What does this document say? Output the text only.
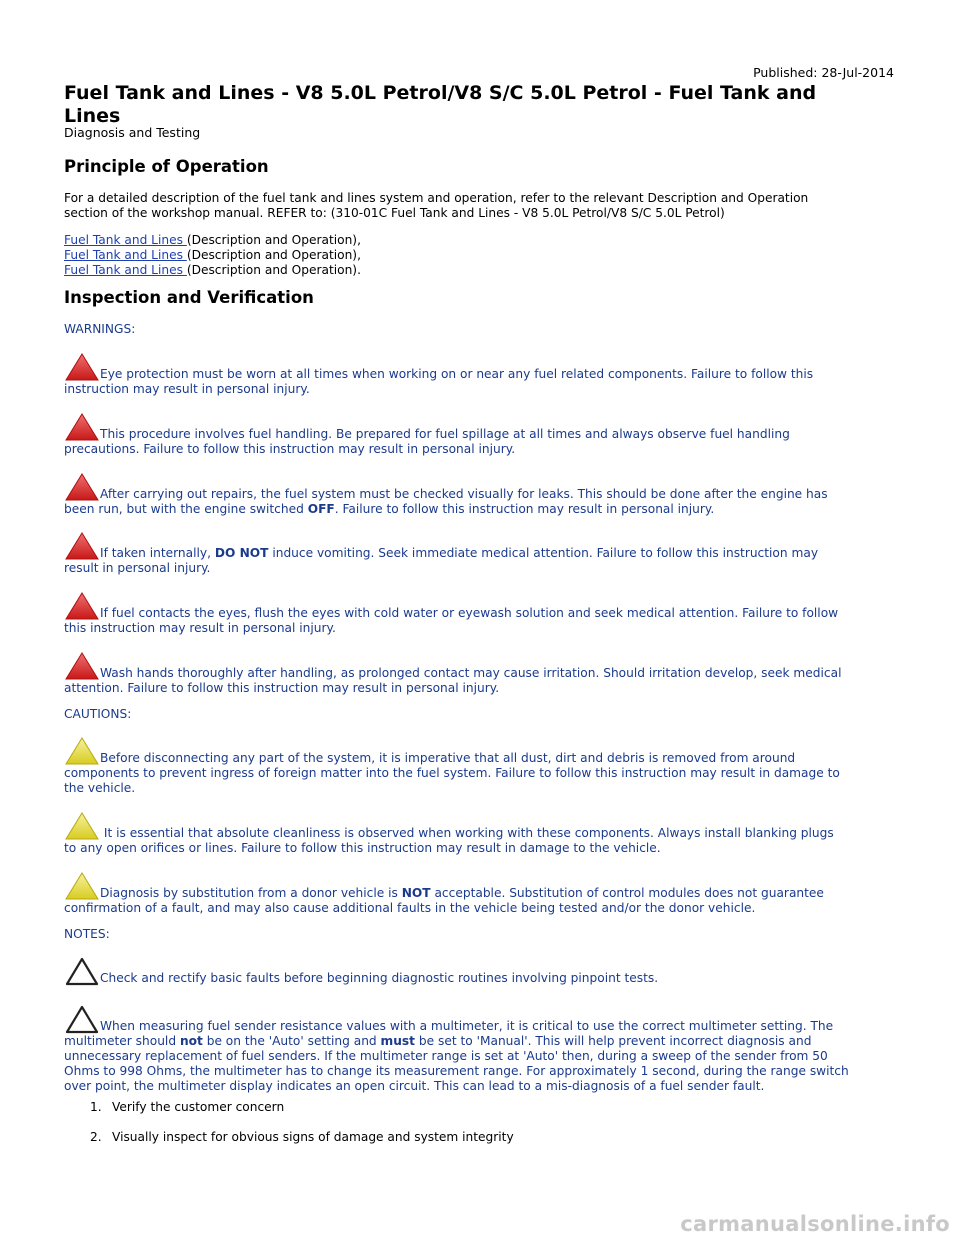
Published: 28-Jul-2014
Fuel Tank and Lines - V8 5.0L Petrol/V8 S/C 5.0L Petrol - Fuel Tank and Lines
Diagnosis and Testing
Principle of Operation
For a detailed description of the fuel tank and lines system and operation, refer to the relevant Description and Operation
section of the workshop manual. REFER to: (310-01C Fuel Tank and Lines - V8 5.0L Petrol/V8 S/C 5.0L Petrol)
Fuel Tank and Lines (Description and Operation),
Fuel Tank and Lines (Description and Operation),
Fuel Tank and Lines (Description and Operation).
Inspection and Verification
WARNINGS:
Eye protection must be worn at all times when working on or near any fuel related components. Failure to follow this
instruction may result in personal injury.
This procedure involves fuel handling. Be prepared for fuel spillage at all times and always observe fuel handling
precautions. Failure to follow this instruction may result in personal injury.
After carrying out repairs, the fuel system must be checked visually for leaks. This should be done after the engine has
been run, but with the engine switched OFF. Failure to follow this instruction may result in personal injury.
If taken internally, DO NOT induce vomiting. Seek immediate medical attention. Failure to follow this instruction may
result in personal injury.
If fuel contacts the eyes, flush the eyes with cold water or eyewash solution and seek medical attention. Failure to follow
this instruction may result in personal injury.
Wash hands thoroughly after handling, as prolonged contact may cause irritation. Should irritation develop, seek medical
attention. Failure to follow this instruction may result in personal injury.
CAUTIONS:
Before disconnecting any part of the system, it is imperative that all dust, dirt and debris is removed from around
components to prevent ingress of foreign matter into the fuel system. Failure to follow this instruction may result in damage to
the vehicle.
It is essential that absolute cleanliness is observed when working with these components. Always install blanking plugs
to any open orifices or lines. Failure to follow this instruction may result in damage to the vehicle.
Diagnosis by substitution from a donor vehicle is NOT acceptable. Substitution of control modules does not guarantee
confirmation of a fault, and may also cause additional faults in the vehicle being tested and/or the donor vehicle.
NOTES:
Check and rectify basic faults before beginning diagnostic routines involving pinpoint tests.
When measuring fuel sender resistance values with a multimeter, it is critical to use the correct multimeter setting. The
multimeter should not be on the 'Auto' setting and must be set to 'Manual'. This will help prevent incorrect diagnosis and
unnecessary replacement of fuel senders. If the multimeter range is set at 'Auto' then, during a sweep of the sender from 50
Ohms to 998 Ohms, the multimeter has to change its measurement range. For approximately 1 second, during the range switch
over point, the multimeter display indicates an open circuit. This can lead to a mis-diagnosis of a fuel sender fault.
1. Verify the customer concern
2. Visually inspect for obvious signs of damage and system integrity
carmanualsonline.info
